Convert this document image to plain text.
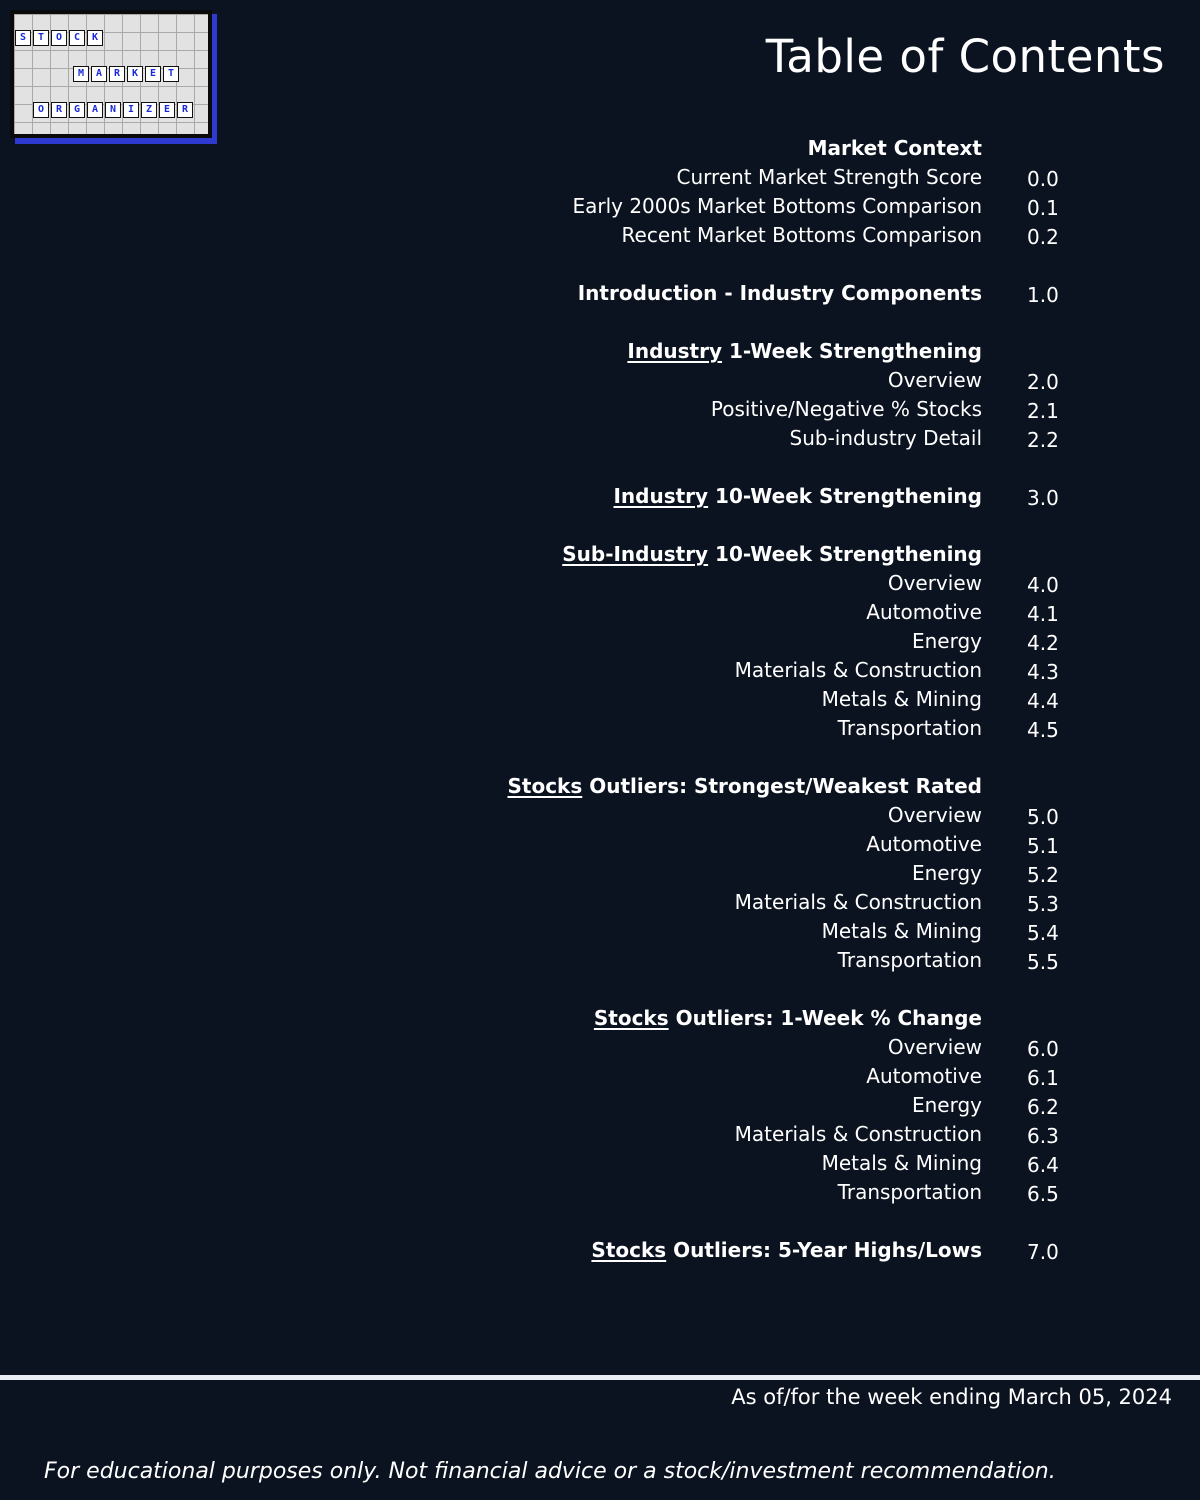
S	T	O	C	K
M	A	R	K	E	T
O	R	G	A	N	I	Z	E	R
Table of Contents
Market Context
Current Market Strength Score 0.0
Early 2000s Market Bottoms Comparison 0.1
Recent Market Bottoms Comparison 0.2
Introduction - Industry Components 1.0
Industry 1-Week Strengthening
Overview 2.0
Positive/Negative % Stocks 2.1
Sub-industry Detail 2.2
Industry 10-Week Strengthening 3.0
Sub-Industry 10-Week Strengthening
Overview 4.0
Automotive 4.1
Energy 4.2
Materials & Construction 4.3
Metals & Mining 4.4
Transportation 4.5
Stocks Outliers: Strongest/Weakest Rated
Overview 5.0
Automotive 5.1
Energy 5.2
Materials & Construction 5.3
Metals & Mining 5.4
Transportation 5.5
Stocks Outliers: 1-Week % Change
Overview 6.0
Automotive 6.1
Energy 6.2
Materials & Construction 6.3
Metals & Mining 6.4
Transportation 6.5
Stocks Outliers: 5-Year Highs/Lows 7.0
As of/for the week ending March 05, 2024
For educational purposes only. Not financial advice or a stock/investment recommendation.
